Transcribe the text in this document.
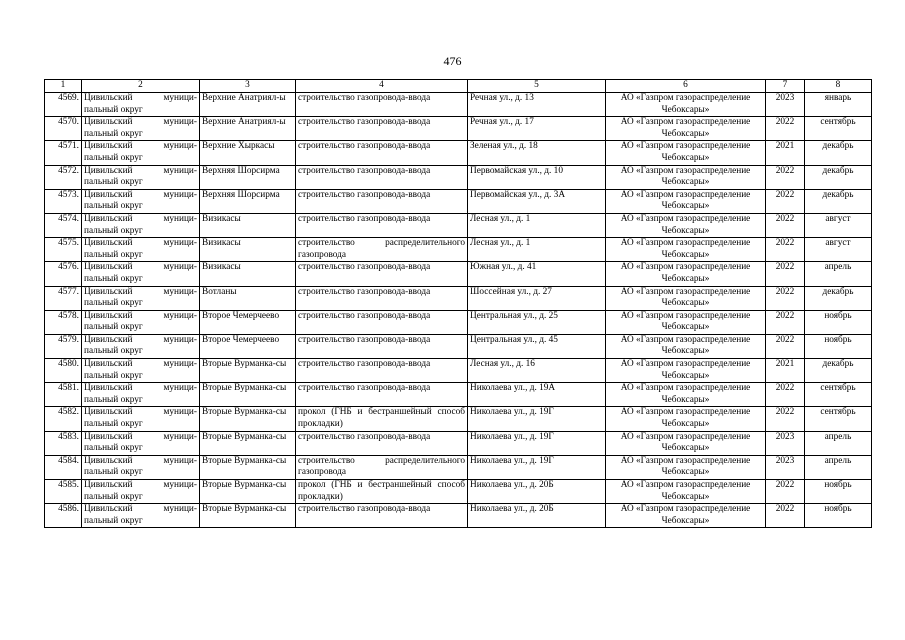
476
1	2	3	4	5	6	7	8
4569.	Цивильский муници-пальный округ	Верхние Анатриял-ы	строительство газопровода-ввода	Речная ул., д. 13	АО «Газпром газораспределение Чебоксары»	2023	январь
4570.	Цивильский муници-пальный округ	Верхние Анатриял-ы	строительство газопровода-ввода	Речная ул., д. 17	АО «Газпром газораспределение Чебоксары»	2022	сентябрь
4571.	Цивильский муници-пальный округ	Верхние Хыркасы	строительство газопровода-ввода	Зеленая ул., д. 18	АО «Газпром газораспределение Чебоксары»	2021	декабрь
4572.	Цивильский муници-пальный округ	Верхняя Шорсирма	строительство газопровода-ввода	Первомайская ул., д. 10	АО «Газпром газораспределение Чебоксары»	2022	декабрь
4573.	Цивильский муници-пальный округ	Верхняя Шорсирма	строительство газопровода-ввода	Первомайская ул., д. 3А	АО «Газпром газораспределение Чебоксары»	2022	декабрь
4574.	Цивильский муници-пальный округ	Визикасы	строительство газопровода-ввода	Лесная ул., д. 1	АО «Газпром газораспределение Чебоксары»	2022	август
4575.	Цивильский муници-пальный округ	Визикасы	строительство распределительного газопровода	Лесная ул., д. 1	АО «Газпром газораспределение Чебоксары»	2022	август
4576.	Цивильский муници-пальный округ	Визикасы	строительство газопровода-ввода	Южная ул., д. 41	АО «Газпром газораспределение Чебоксары»	2022	апрель
4577.	Цивильский муници-пальный округ	Вотланы	строительство газопровода-ввода	Шоссейная ул., д. 27	АО «Газпром газораспределение Чебоксары»	2022	декабрь
4578.	Цивильский муници-пальный округ	Второе Чемерчеево	строительство газопровода-ввода	Центральная ул., д. 25	АО «Газпром газораспределение Чебоксары»	2022	ноябрь
4579.	Цивильский муници-пальный округ	Второе Чемерчеево	строительство газопровода-ввода	Центральная ул., д. 45	АО «Газпром газораспределение Чебоксары»	2022	ноябрь
4580.	Цивильский муници-пальный округ	Вторые Вурманка-сы	строительство газопровода-ввода	Лесная ул., д. 16	АО «Газпром газораспределение Чебоксары»	2021	декабрь
4581.	Цивильский муници-пальный округ	Вторые Вурманка-сы	строительство газопровода-ввода	Николаева ул., д. 19А	АО «Газпром газораспределение Чебоксары»	2022	сентябрь
4582.	Цивильский муници-пальный округ	Вторые Вурманка-сы	прокол (ГНБ и бестраншейный способ прокладки)	Николаева ул., д. 19Г	АО «Газпром газораспределение Чебоксары»	2022	сентябрь
4583.	Цивильский муници-пальный округ	Вторые Вурманка-сы	строительство газопровода-ввода	Николаева ул., д. 19Г	АО «Газпром газораспределение Чебоксары»	2023	апрель
4584.	Цивильский муници-пальный округ	Вторые Вурманка-сы	строительство распределительного газопровода	Николаева ул., д. 19Г	АО «Газпром газораспределение Чебоксары»	2023	апрель
4585.	Цивильский муници-пальный округ	Вторые Вурманка-сы	прокол (ГНБ и бестраншейный способ прокладки)	Николаева ул., д. 20Б	АО «Газпром газораспределение Чебоксары»	2022	ноябрь
4586.	Цивильский муници-пальный округ	Вторые Вурманка-сы	строительство газопровода-ввода	Николаева ул., д. 20Б	АО «Газпром газораспределение Чебоксары»	2022	ноябрь
